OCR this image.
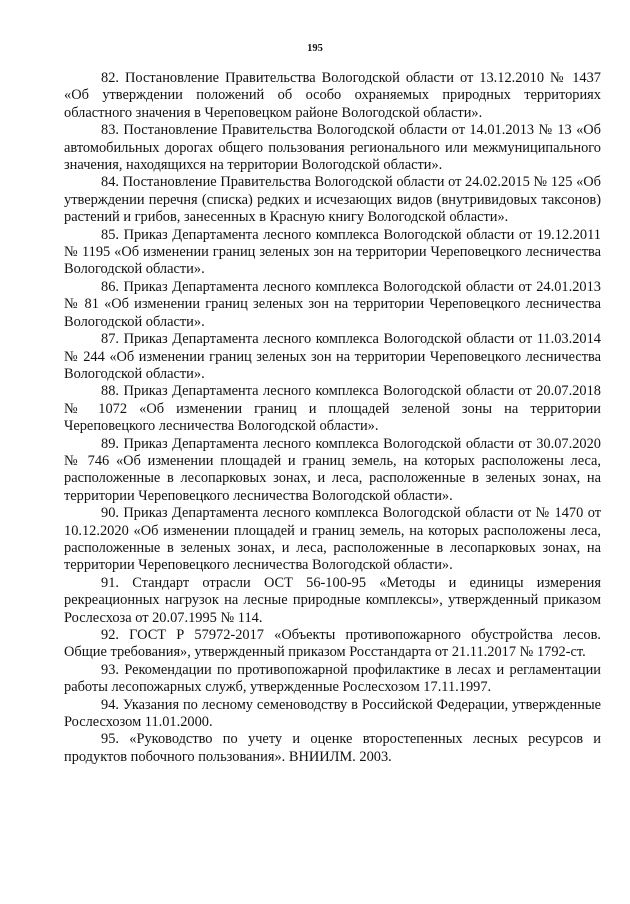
195

82. Постановление Правительства Вологодской области от 13.12.2010 № 1437 «Об утверждении положений об особо охраняемых природных территориях областного значения в Череповецком районе Вологодской области».

83. Постановление Правительства Вологодской области от 14.01.2013 № 13 «Об автомобильных дорогах общего пользования регионального или межмуниципального значения, находящихся на территории Вологодской области».

84. Постановление Правительства Вологодской области от 24.02.2015 № 125 «Об утверждении перечня (списка) редких и исчезающих видов (внутривидовых таксонов) растений и грибов, занесенных в Красную книгу Вологодской области».

85. Приказ Департамента лесного комплекса Вологодской области от 19.12.2011 № 1195 «Об изменении границ зеленых зон на территории Череповецкого лесничества Вологодской области».

86. Приказ Департамента лесного комплекса Вологодской области от 24.01.2013 № 81 «Об изменении границ зеленых зон на территории Череповецкого лесничества Вологодской области».

87. Приказ Департамента лесного комплекса Вологодской области от 11.03.2014 № 244 «Об изменении границ зеленых зон на территории Череповецкого лесничества Вологодской области».

88. Приказ Департамента лесного комплекса Вологодской области от 20.07.2018 № 1072 «Об изменении границ и площадей зеленой зоны на территории Череповецкого лесничества Вологодской области».

89. Приказ Департамента лесного комплекса Вологодской области от 30.07.2020 № 746 «Об изменении площадей и границ земель, на которых расположены леса, расположенные в лесопарковых зонах, и леса, расположенные в зеленых зонах, на территории Череповецкого лесничества Вологодской области».

90. Приказ Департамента лесного комплекса Вологодской области от № 1470 от 10.12.2020 «Об изменении площадей и границ земель, на которых расположены леса, расположенные в зеленых зонах, и леса, расположенные в лесопарковых зонах, на территории Череповецкого лесничества Вологодской области».

91. Стандарт отрасли ОСТ 56-100-95 «Методы и единицы измерения рекреационных нагрузок на лесные природные комплексы», утвержденный приказом Рослесхоза от 20.07.1995 № 114.

92. ГОСТ Р 57972-2017 «Объекты противопожарного обустройства лесов. Общие требования», утвержденный приказом Росстандарта от 21.11.2017 № 1792-ст.

93. Рекомендации по противопожарной профилактике в лесах и регламентации работы лесопожарных служб, утвержденные Рослесхозом 17.11.1997.

94. Указания по лесному семеноводству в Российской Федерации, утвержденные Рослесхозом 11.01.2000.

95. «Руководство по учету и оценке второстепенных лесных ресурсов и продуктов побочного пользования». ВНИИЛМ. 2003.
